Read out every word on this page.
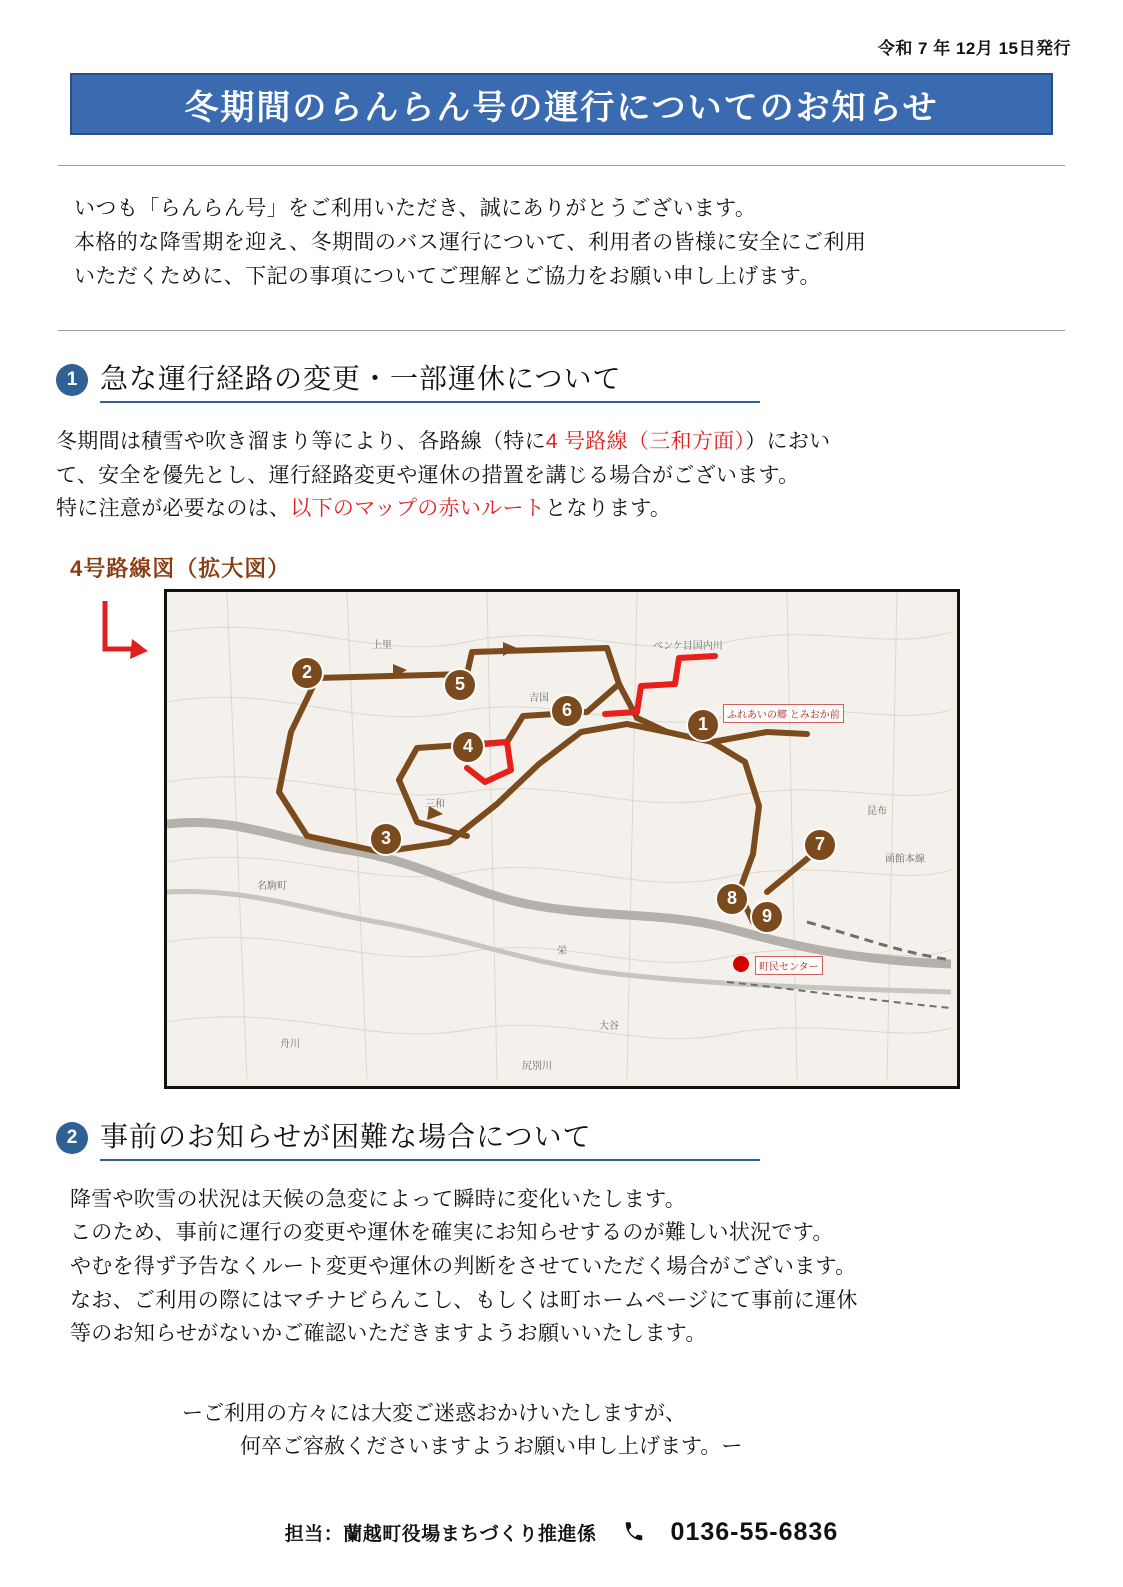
令和 7 年 12月 15日発行
冬期間のらんらん号の運行についてのお知らせ

いつも「らんらん号」をご利用いただき、誠にありがとうございます。

本格的な降雪期を迎え、冬期間のバス運行について、利用者の皆様に安全にご利用

いただくために、下記の事項についてご理解とご協力をお願い申し上げます。

1 急な運行経路の変更・一部運休について

冬期間は積雪や吹き溜まり等により、各路線（特に4 号路線（三和方面））におい

て、安全を優先とし、運行経路変更や運休の措置を講じる場合がございます。

特に注意が必要なのは、以下のマップの赤いルートとなります。

4号路線図（拡大図）
1
2
3
4
5
6
7
8
9
ふれあいの郷 とみおか前
町民センター
上里	ベンケ目国内川
吉国
三和
名駒町
昆布
函館本線
栄
大谷
舟川
尻別川
2 事前のお知らせが困難な場合について

降雪や吹雪の状況は天候の急変によって瞬時に変化いたします。

このため、事前に運行の変更や運休を確実にお知らせするのが難しい状況です。

やむを得ず予告なくルート変更や運休の判断をさせていただく場合がございます。

なお、ご利用の際にはマチナビらんこし、もしくは町ホームページにて事前に運休

等のお知らせがないかご確認いただきますようお願いいたします。

ーご利用の方々には大変ご迷惑おかけいたしますが、
何卒ご容赦くださいますようお願い申し上げます。ー
担当：蘭越町役場まちづくり推進係	0136-55-6836
